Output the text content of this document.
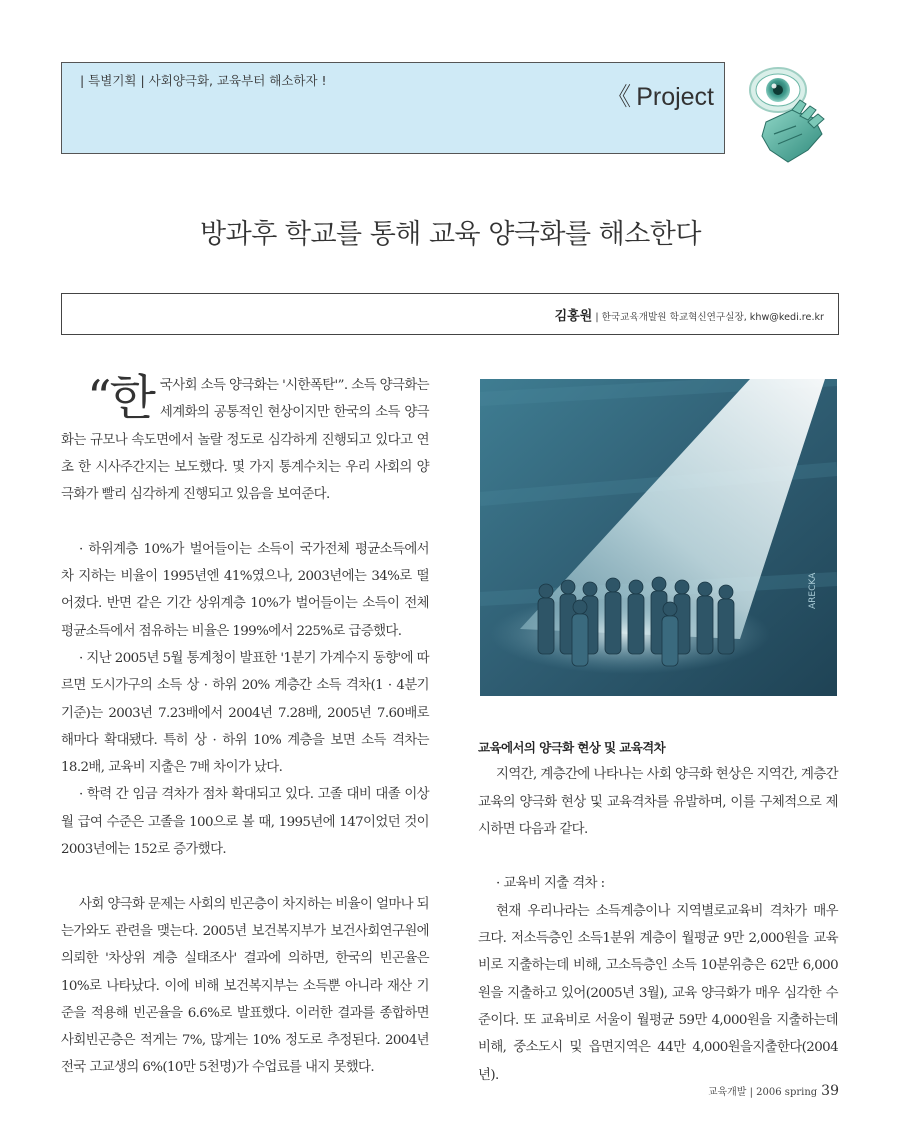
| 특별기획 | 사회양극화, 교육부터 해소하자 !
《 Project
방과후 학교를 통해 교육 양극화를 해소한다
김홍원 | 한국교육개발원 학교혁신연구실장, khw@kedi.re.kr
“한 국사회 소득 양극화는 '시한폭탄'”. 소득 양극화는 세계화의 공통적인 현상이지만 한국의 소득 양극화는 규모나 속도면에서 놀랄 정도로 심각하게 진행되고 있다고 연초 한 시사주간지는 보도했다. 몇 가지 통계수치는 우리 사회의 양극화가 빨리 심각하게 진행되고 있음을 보여준다.

· 하위계층 10%가 벌어들이는 소득이 국가전체 평균소득에서 차 지하는 비율이 1995년엔 41%였으나, 2003년에는 34%로 떨어졌다. 반면 같은 기간 상위계층 10%가 벌어들이는 소득이 전체 평균소득에서 점유하는 비율은 199%에서 225%로 급증했다.

· 지난 2005년 5월 통계청이 발표한 '1분기 가계수지 동향'에 따르면 도시가구의 소득 상 · 하위 20% 계층간 소득 격차(1 · 4분기 기준)는 2003년 7.23배에서 2004년 7.28배, 2005년 7.60배로 해마다 확대됐다. 특히 상 · 하위 10% 계층을 보면 소득 격차는 18.2배, 교육비 지출은 7배 차이가 났다.

· 학력 간 임금 격차가 점차 확대되고 있다. 고졸 대비 대졸 이상 월 급여 수준은 고졸을 100으로 볼 때, 1995년에 147이었던 것이 2003년에는 152로 증가했다.

사회 양극화 문제는 사회의 빈곤층이 차지하는 비율이 얼마나 되는가와도 관련을 맺는다. 2005년 보건복지부가 보건사회연구원에 의뢰한 '차상위 계층 실태조사' 결과에 의하면, 한국의 빈곤율은 10%로 나타났다. 이에 비해 보건복지부는 소득뿐 아니라 재산 기준을 적용해 빈곤율을 6.6%로 발표했다. 이러한 결과를 종합하면 사회빈곤층은 적게는 7%, 많게는 10% 정도로 추정된다. 2004년 전국 고교생의 6%(10만 5천명)가 수업료를 내지 못했다.

ARECKA

교육에서의 양극화 현상 및 교육격차

지역간, 계층간에 나타나는 사회 양극화 현상은 지역간, 계층간 교육의 양극화 현상 및 교육격차를 유발하며, 이를 구체적으로 제시하면 다음과 같다.

· 교육비 지출 격차 :

현재 우리나라는 소득계층이나 지역별로교육비 격차가 매우 크다. 저소득층인 소득1분위 계층이 월평균 9만 2,000원을 교육비로 지출하는데 비해, 고소득층인 소득 10분위층은 62만 6,000원을 지출하고 있어(2005년 3월), 교육 양극화가 매우 심각한 수준이다. 또 교육비로 서울이 월평균 59만 4,000원을 지출하는데 비해, 중소도시 및 읍면지역은 44만 4,000원을지출한다(2004년).

교육개발 | 2006 spring 39
